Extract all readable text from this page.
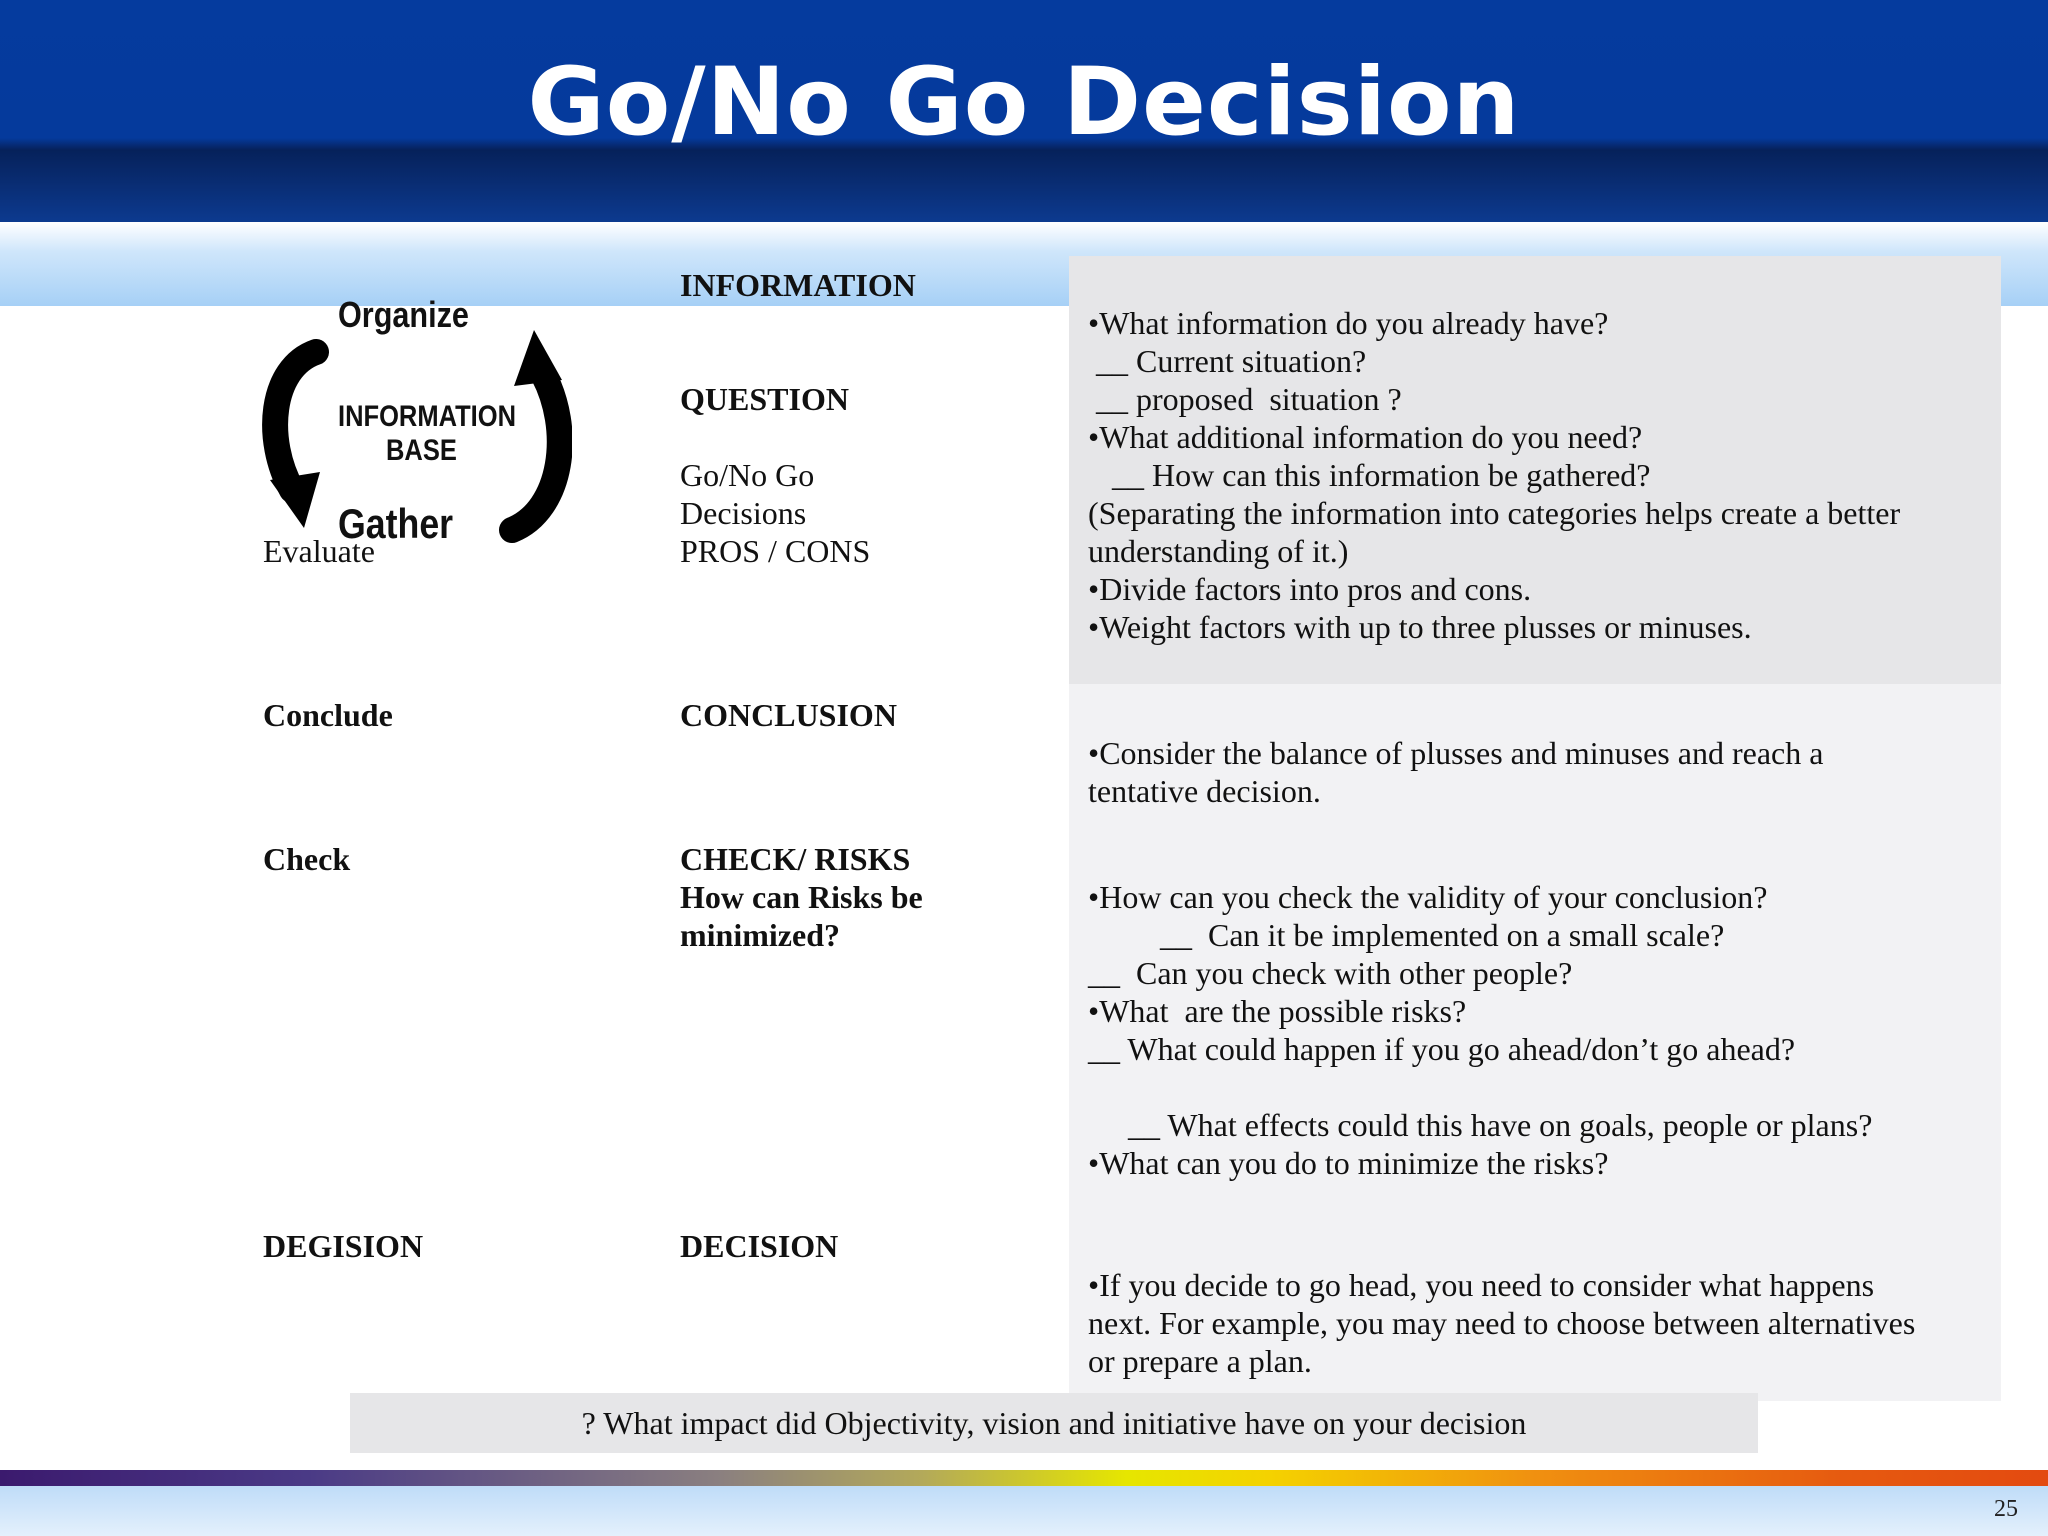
Go/No Go Decision
Organize
INFORMATION
BASE
Gather
Evaluate
Conclude
Check
DEGISION
INFORMATION
QUESTION
Go/No Go
Decisions
PROS / CONS
CONCLUSION
CHECK/ RISKS
How can Risks be
minimized?
DECISION
•What information do you already have?
__ Current situation?
__ proposed  situation ?
•What additional information do you need?
__ How can this information be gathered?
(Separating the information into categories helps create a better
understanding of it.)
•Divide factors into pros and cons.
•Weight factors with up to three plusses or minuses.
•Consider the balance of plusses and minuses and reach a
tentative decision.
•How can you check the validity of your conclusion?
__  Can it be implemented on a small scale?
__  Can you check with other people?
•What  are the possible risks?
__ What could happen if you go ahead/don’t go ahead?
__ What effects could this have on goals, people or plans?
•What can you do to minimize the risks?
•If you decide to go head, you need to consider what happens
next. For example, you may need to choose between alternatives
or prepare a plan.
? What impact did Objectivity, vision and initiative have on your decision
25
